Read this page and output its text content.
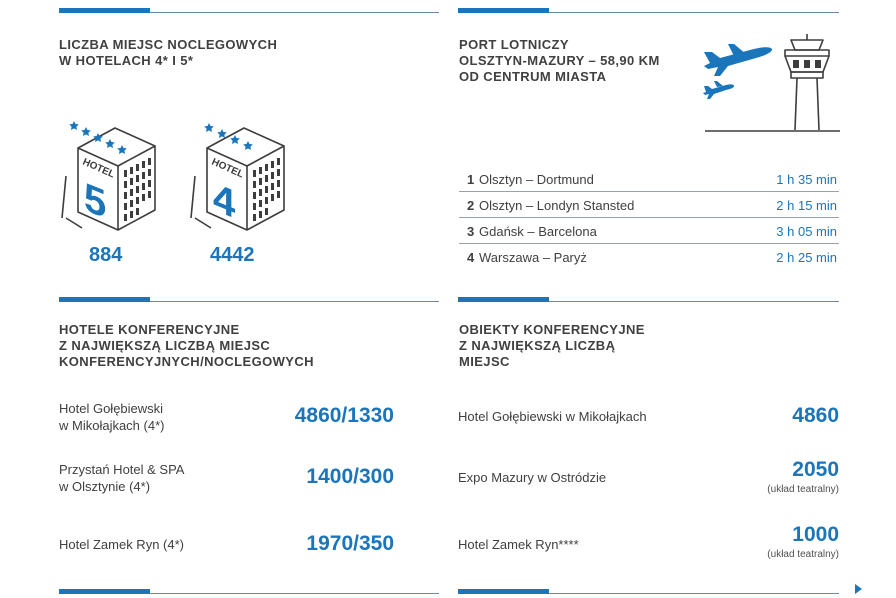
LICZBA MIEJSC NOCLEGOWYCH
W HOTELACH 4* I 5*
HOTEL
5
HOTEL
4
884	4442
PORT LOTNICZY
OLSZTYN-MAZURY – 58,90 KM
OD CENTRUM MIASTA
1 Olsztyn – Dortmund	1 h 35 min
2 Olsztyn – Londyn Stansted	2 h 15 min
3 Gdańsk – Barcelona	3 h 05 min
4 Warszawa – Paryż	2 h 25 min
HOTELE KONFERENCYJNE
Z NAJWIĘKSZĄ LICZBĄ MIEJSC
KONFERENCYJNYCH/NOCLEGOWYCH
Hotel Gołębiewski
w Mikołajkach (4*)	4860/1330
Przystań Hotel & SPA
w Olsztynie (4*)	1400/300
Hotel Zamek Ryn (4*)	1970/350
OBIEKTY KONFERENCYJNE
Z NAJWIĘKSZĄ LICZBĄ
MIEJSC
Hotel Gołębiewski w Mikołajkach	4860
Expo Mazury w Ostródzie	2050
(układ teatralny)
Hotel Zamek Ryn****	1000
(układ teatralny)
